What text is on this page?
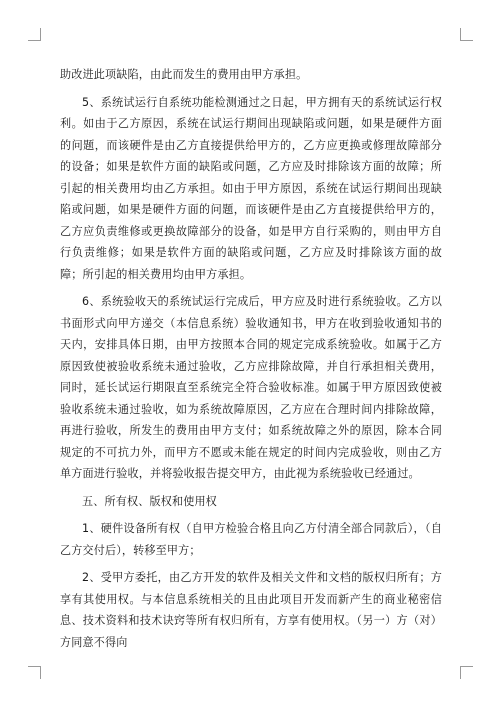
助改进此项缺陷，由此而发生的费用由甲方承担。

5、系统试运行自系统功能检测通过之日起，甲方拥有天的系统试运行权利。如由于乙方原因，系统在试运行期间出现缺陷或问题，如果是硬件方面的问题，而该硬件是由乙方直接提供给甲方的，乙方应更换或修理故障部分的设备；如果是软件方面的缺陷或问题，乙方应及时排除该方面的故障；所引起的相关费用均由乙方承担。如由于甲方原因，系统在试运行期间出现缺陷或问题，如果是硬件方面的问题，而该硬件是由乙方直接提供给甲方的，乙方应负责维修或更换故障部分的设备，如是甲方自行采购的，则由甲方自行负责维修；如果是软件方面的缺陷或问题，乙方应及时排除该方面的故障；所引起的相关费用均由甲方承担。

6、系统验收天的系统试运行完成后，甲方应及时进行系统验收。乙方以书面形式向甲方递交（本信息系统）验收通知书，甲方在收到验收通知书的天内，安排具体日期，由甲方按照本合同的规定完成系统验收。如属于乙方原因致使被验收系统未通过验收，乙方应排除故障，并自行承担相关费用，同时，延长试运行期限直至系统完全符合验收标准。如属于甲方原因致使被验收系统未通过验收，如为系统故障原因，乙方应在合理时间内排除故障，再进行验收，所发生的费用由甲方支付；如系统故障之外的原因，除本合同规定的不可抗力外，而甲方不愿或未能在规定的时间内完成验收，则由乙方单方面进行验收，并将验收报告提交甲方，由此视为系统验收已经通过。

五、所有权、版权和使用权

1、硬件设备所有权（自甲方检验合格且向乙方付清全部合同款后），（自乙方交付后），转移至甲方；

2、受甲方委托，由乙方开发的软件及相关文件和文档的版权归所有；方享有其使用权。与本信息系统相关的且由此项目开发而新产生的商业秘密信息、技术资料和技术诀窍等所有权归所有，方享有使用权。（另一）方（对）方同意不得向
